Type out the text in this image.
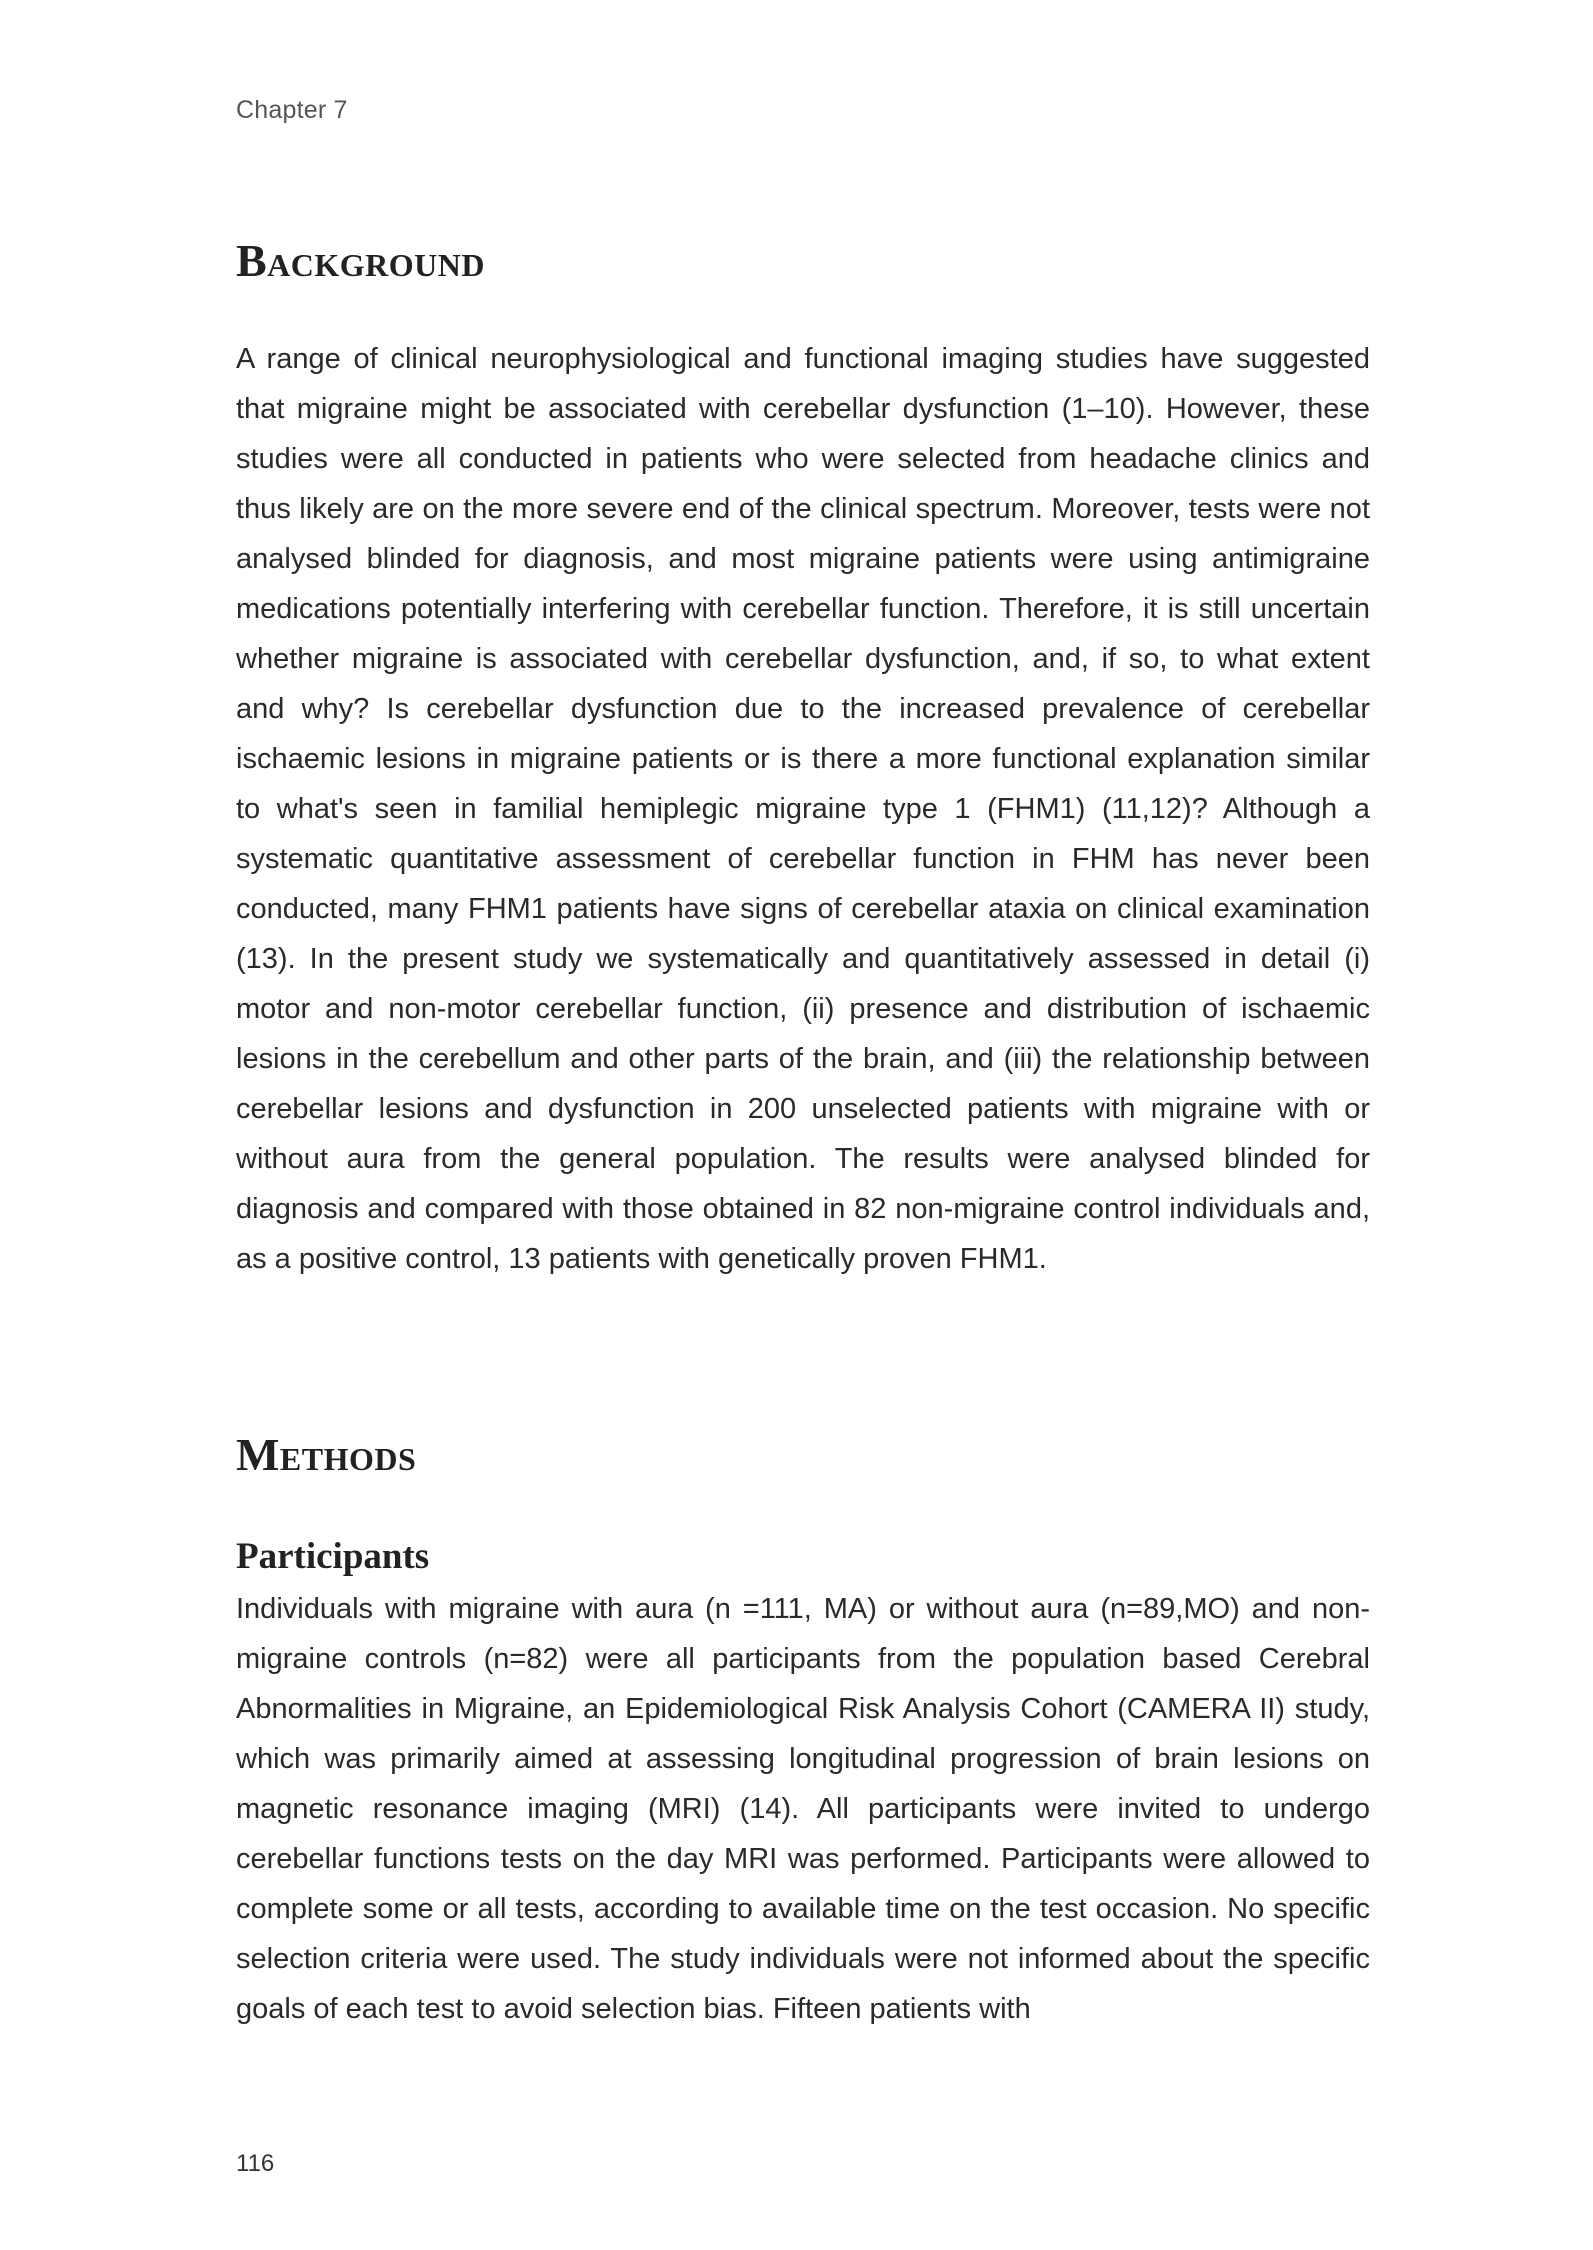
Chapter 7
Background

A range of clinical neurophysiological and functional imaging studies have suggested that migraine might be associated with cerebellar dysfunction (1–10). However, these studies were all conducted in patients who were selected from headache clinics and thus likely are on the more severe end of the clinical spectrum. Moreover, tests were not analysed blinded for diagnosis, and most migraine patients were using antimigraine medications potentially interfering with cerebellar function. Therefore, it is still uncertain whether migraine is associated with cerebellar dysfunction, and, if so, to what extent and why? Is cerebellar dysfunction due to the increased prevalence of cerebellar ischaemic lesions in migraine patients or is there a more functional explanation similar to what's seen in familial hemiplegic migraine type 1 (FHM1) (11,12)? Although a systematic quantitative assessment of cerebellar function in FHM has never been conducted, many FHM1 patients have signs of cerebellar ataxia on clinical examination (13). In the present study we systematically and quantitatively assessed in detail (i) motor and non-motor cerebellar function, (ii) presence and distribution of ischaemic lesions in the cerebellum and other parts of the brain, and (iii) the relationship between cerebellar lesions and dysfunction in 200 unselected patients with migraine with or without aura from the general population. The results were analysed blinded for diagnosis and compared with those obtained in 82 non-migraine control individuals and, as a positive control, 13 patients with genetically proven FHM1.

Methods
Participants

Individuals with migraine with aura (n =111, MA) or without aura (n=89,MO) and non-migraine controls (n=82) were all participants from the population based Cerebral Abnormalities in Migraine, an Epidemiological Risk Analysis Cohort (CAMERA II) study, which was primarily aimed at assessing longitudinal progression of brain lesions on magnetic resonance imaging (MRI) (14). All participants were invited to undergo cerebellar functions tests on the day MRI was performed. Participants were allowed to complete some or all tests, according to available time on the test occasion. No specific selection criteria were used. The study individuals were not informed about the specific goals of each test to avoid selection bias. Fifteen patients with

116
